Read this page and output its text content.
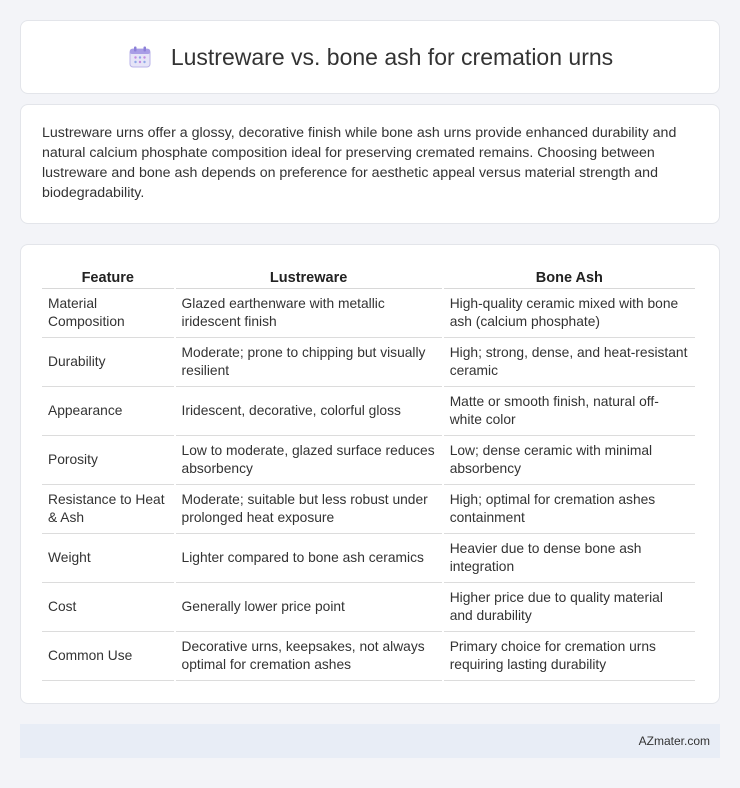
Lustreware vs. bone ash for cremation urns

Lustreware urns offer a glossy, decorative finish while bone ash urns provide enhanced durability and natural calcium phosphate composition ideal for preserving cremated remains. Choosing between lustreware and bone ash depends on preference for aesthetic appeal versus material strength and biodegradability.

Feature	Lustreware	Bone Ash
Material Composition	Glazed earthenware with metallic iridescent finish	High-quality ceramic mixed with bone ash (calcium phosphate)
Durability	Moderate; prone to chipping but visually resilient	High; strong, dense, and heat-resistant ceramic
Appearance	Iridescent, decorative, colorful gloss	Matte or smooth finish, natural off-white color
Porosity	Low to moderate, glazed surface reduces absorbency	Low; dense ceramic with minimal absorbency
Resistance to Heat & Ash	Moderate; suitable but less robust under prolonged heat exposure	High; optimal for cremation ashes containment
Weight	Lighter compared to bone ash ceramics	Heavier due to dense bone ash integration
Cost	Generally lower price point	Higher price due to quality material and durability
Common Use	Decorative urns, keepsakes, not always optimal for cremation ashes	Primary choice for cremation urns requiring lasting durability
AZmater.com
